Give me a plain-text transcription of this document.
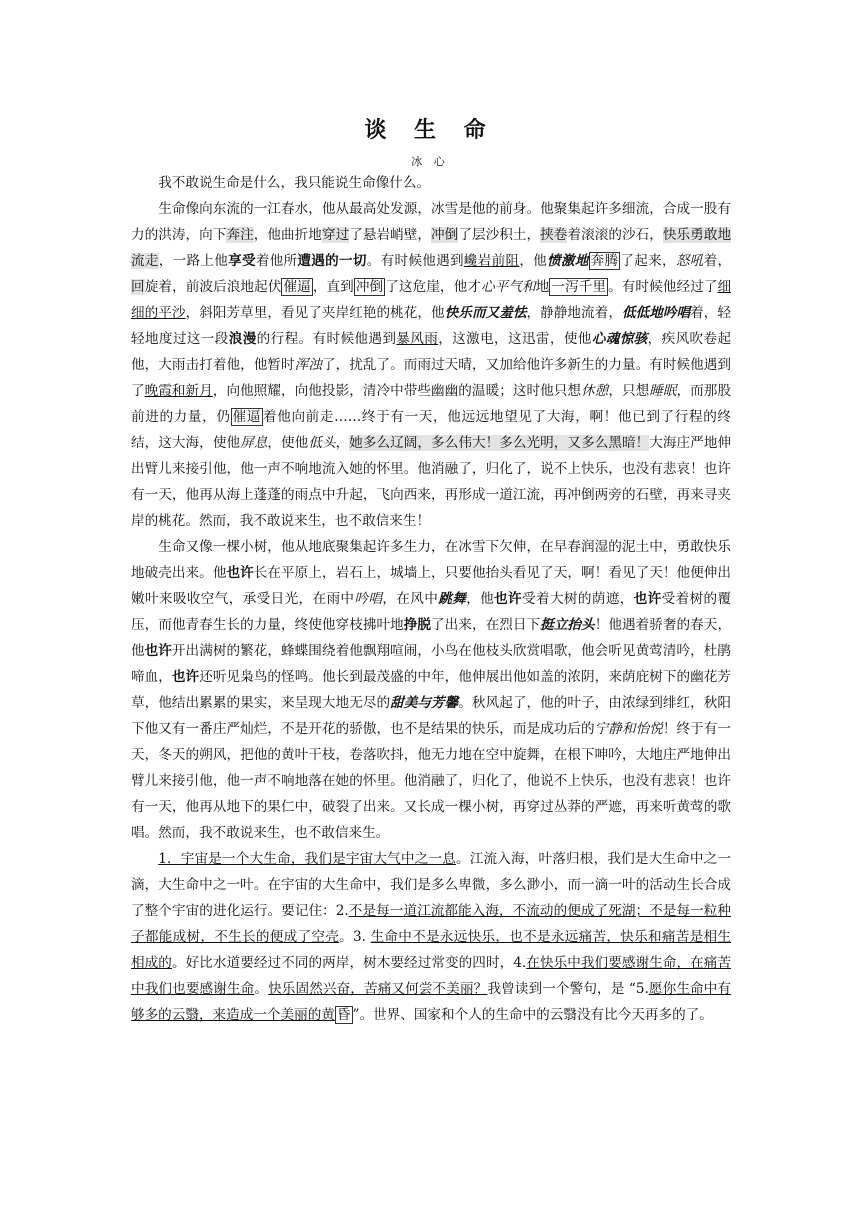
谈 生 命
冰 心

我不敢说生命是什么，我只能说生命像什么。

生命像向东流的一江春水，他从最高处发源，冰雪是他的前身。他聚集起许多细流，合成一股有力的洪涛，向下奔注，他曲折地穿过了悬岩峭壁，冲倒了层沙积土，挟卷着滚滚的沙石，快乐勇敢地流走，一路上他享受着他所遭遇的一切。有时候他遇到巉岩前阻，他愤激地 奔腾 了起来，怒吼着，回旋着，前波后浪地起伏 催逼 ，直到 冲倒 了这危崖，他才心平气和地 一泻千里 。有时候他经过了细细的平沙，斜阳芳草里，看见了夹岸红艳的桃花，他快乐而又羞怯，静静地流着，低低地吟唱着，轻轻地度过这一段浪漫的行程。有时候他遇到暴风雨，这激电，这迅雷，使他心魂惊骇，疾风吹卷起他，大雨击打着他，他暂时浑浊了，扰乱了。而雨过天晴，又加给他许多新生的力量。有时候他遇到了晚霞和新月，向他照耀，向他投影，清冷中带些幽幽的温暖；这时他只想休憩，只想睡眠，而那股前进的力量，仍 催逼 着他向前走……终于有一天，他远远地望见了大海，啊！他已到了行程的终结，这大海，使他屏息，使他低头，她多么辽阔，多么伟大！多么光明，又多么黑暗！大海庄严地伸出臂儿来接引他，他一声不响地流入她的怀里。他消融了，归化了，说不上快乐，也没有悲哀！也许有一天，他再从海上蓬蓬的雨点中升起，飞向西来，再形成一道江流，再冲倒两旁的石壁，再来寻夹岸的桃花。然而，我不敢说来生，也不敢信来生！

生命又像一棵小树，他从地底聚集起许多生力，在冰雪下欠伸，在早春润湿的泥土中，勇敢快乐地破壳出来。他也许长在平原上，岩石上，城墙上，只要他抬头看见了天，啊！看见了天！他便伸出嫩叶来吸收空气，承受日光，在雨中吟唱，在风中跳舞，他也许受着大树的荫遮，也许受着树的覆压，而他青春生长的力量，终使他穿枝拂叶地挣脱了出来，在烈日下挺立抬头！他遇着骄奢的春天，他也许开出满树的繁花，蜂蝶围绕着他飘翔喧闹，小鸟在他枝头欣赏唱歌，他会听见黄莺清吟，杜鹃啼血，也许还听见枭鸟的怪鸣。他长到最茂盛的中年，他伸展出他如盖的浓阴，来荫庇树下的幽花芳草，他结出累累的果实，来呈现大地无尽的甜美与芳馨。秋风起了，他的叶子，由浓绿到绯红，秋阳下他又有一番庄严灿烂，不是开花的骄傲，也不是结果的快乐，而是成功后的宁静和怡悦！终于有一天，冬天的朔风，把他的黄叶干枝，卷落吹抖，他无力地在空中旋舞，在根下呻吟，大地庄严地伸出臂儿来接引他，他一声不响地落在她的怀里。他消融了，归化了，他说不上快乐，也没有悲哀！也许有一天，他再从地下的果仁中，破裂了出来。又长成一棵小树，再穿过丛莽的严遮，再来听黄莺的歌唱。然而，我不敢说来生，也不敢信来生。

1．宇宙是一个大生命，我们是宇宙大气中之一息。江流入海，叶落归根，我们是大生命中之一滴，大生命中之一叶。在宇宙的大生命中，我们是多么卑微，多么渺小，而一滴一叶的活动生长合成了整个宇宙的进化运行。要记住：2.不是每一道江流都能入海，不流动的便成了死湖；不是每一粒种子都能成树，不生长的便成了空壳。3. 生命中不是永远快乐，也不是永远痛苦，快乐和痛苦是相生相成的。好比水道要经过不同的两岸，树木要经过常变的四时，4.在快乐中我们要感谢生命，在痛苦中我们也要感谢生命。快乐固然兴奋，苦痛又何尝不美丽？我曾读到一个警句，是 “5.愿你生命中有够多的云翳，来造成一个美丽的黄 昏 ”。世界、国家和个人的生命中的云翳没有比今天再多的了。
